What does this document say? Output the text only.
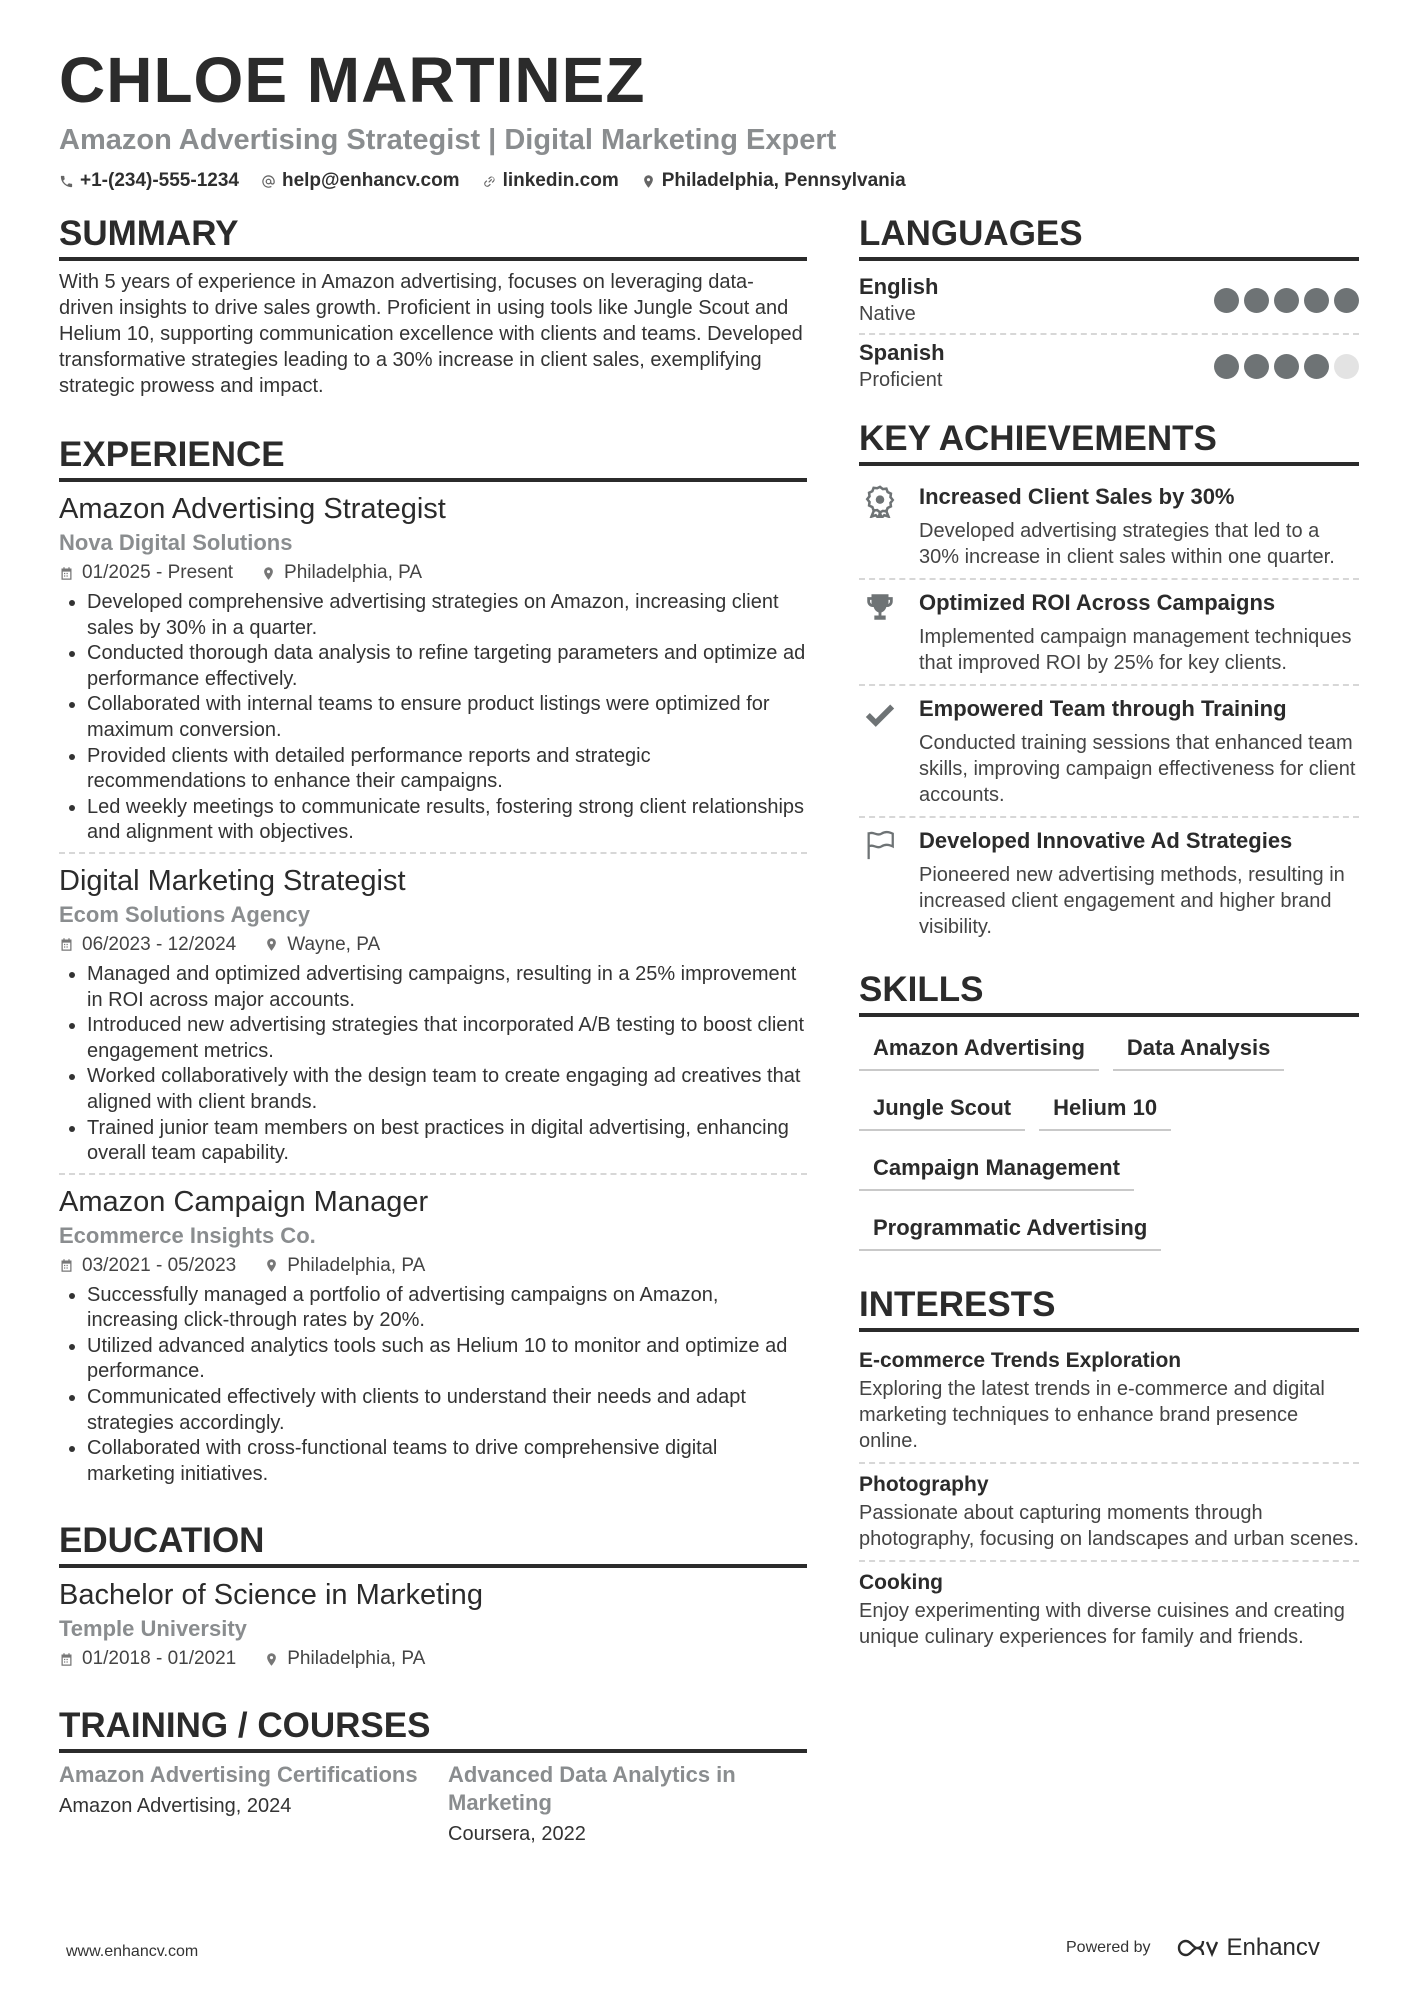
CHLOE MARTINEZ
Amazon Advertising Strategist | Digital Marketing Expert
+1-(234)-555-1234 help@enhancv.com linkedin.com Philadelphia, Pennsylvania
SUMMARY
With 5 years of experience in Amazon advertising, focuses on leveraging data-driven insights to drive sales growth. Proficient in using tools like Jungle Scout and Helium 10, supporting communication excellence with clients and teams. Developed transformative strategies leading to a 30% increase in client sales, exemplifying strategic prowess and impact.
EXPERIENCE
Amazon Advertising Strategist
Nova Digital Solutions
01/2025 - Present	Philadelphia, PA
• Developed comprehensive advertising strategies on Amazon, increasing client sales by 30% in a quarter.
• Conducted thorough data analysis to refine targeting parameters and optimize ad performance effectively.
• Collaborated with internal teams to ensure product listings were optimized for maximum conversion.
• Provided clients with detailed performance reports and strategic recommendations to enhance their campaigns.
• Led weekly meetings to communicate results, fostering strong client relationships and alignment with objectives.
Digital Marketing Strategist
Ecom Solutions Agency
06/2023 - 12/2024	Wayne, PA
• Managed and optimized advertising campaigns, resulting in a 25% improvement in ROI across major accounts.
• Introduced new advertising strategies that incorporated A/B testing to boost client engagement metrics.
• Worked collaboratively with the design team to create engaging ad creatives that aligned with client brands.
• Trained junior team members on best practices in digital advertising, enhancing overall team capability.
Amazon Campaign Manager
Ecommerce Insights Co.
03/2021 - 05/2023	Philadelphia, PA
• Successfully managed a portfolio of advertising campaigns on Amazon, increasing click-through rates by 20%.
• Utilized advanced analytics tools such as Helium 10 to monitor and optimize ad performance.
• Communicated effectively with clients to understand their needs and adapt strategies accordingly.
• Collaborated with cross-functional teams to drive comprehensive digital marketing initiatives.
EDUCATION
Bachelor of Science in Marketing
Temple University
01/2018 - 01/2021	Philadelphia, PA
TRAINING / COURSES
Amazon Advertising Certifications
Amazon Advertising, 2024
Advanced Data Analytics in Marketing
Coursera, 2022
LANGUAGES
English
Native
Spanish
Proficient
KEY ACHIEVEMENTS
Increased Client Sales by 30%
Developed advertising strategies that led to a 30% increase in client sales within one quarter.
Optimized ROI Across Campaigns
Implemented campaign management techniques that improved ROI by 25% for key clients.
Empowered Team through Training
Conducted training sessions that enhanced team skills, improving campaign effectiveness for client accounts.
Developed Innovative Ad Strategies
Pioneered new advertising methods, resulting in increased client engagement and higher brand visibility.
SKILLS
Amazon Advertising	Data Analysis
Jungle Scout	Helium 10
Campaign Management
Programmatic Advertising
INTERESTS
E-commerce Trends Exploration
Exploring the latest trends in e-commerce and digital marketing techniques to enhance brand presence online.
Photography
Passionate about capturing moments through photography, focusing on landscapes and urban scenes.
Cooking
Enjoy experimenting with diverse cuisines and creating unique culinary experiences for family and friends.
www.enhancv.com	Powered by	Enhancv
